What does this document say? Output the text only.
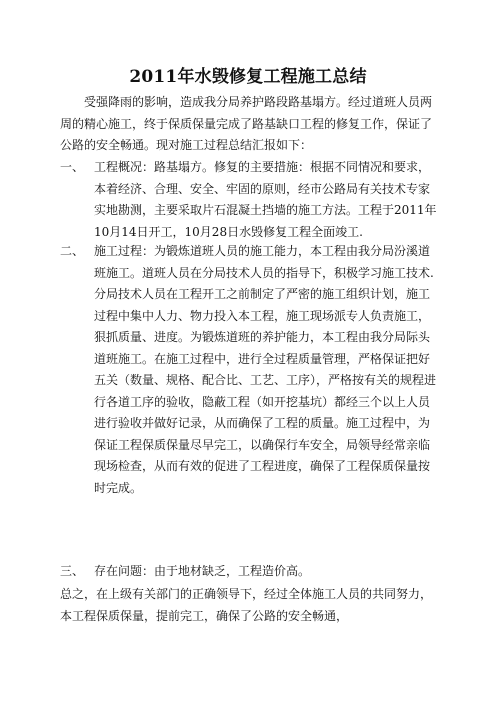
2011年水毁修复工程施工总结

受强降雨的影响，造成我分局养护路段路基塌方。经过道班人员两周的精心施工，终于保质保量完成了路基缺口工程的修复工作，保证了公路的安全畅通。现对施工过程总结汇报如下：

一、 工程概况：路基塌方。修复的主要措施：根据不同情况和要求，本着经济、合理、安全、牢固的原则，经市公路局有关技术专家实地勘测，主要采取片石混凝土挡墙的施工方法。工程于2011年10月14日开工，10月28日水毁修复工程全面竣工.
二、 施工过程：为锻炼道班人员的施工能力，本工程由我分局汾溪道班施工。道班人员在分局技术人员的指导下，积极学习施工技术.分局技术人员在工程开工之前制定了严密的施工组织计划，施工过程中集中人力、物力投入本工程，施工现场派专人负责施工，狠抓质量、进度。为锻炼道班的养护能力，本工程由我分局际头道班施工。在施工过程中，进行全过程质量管理，严格保证把好五关（数量、规格、配合比、工艺、工序），严格按有关的规程进行各道工序的验收，隐蔽工程（如开挖基坑）都经三个以上人员进行验收并做好记录，从而确保了工程的质量。施工过程中，为保证工程保质保量尽早完工，以确保行车安全，局领导经常亲临现场检查，从而有效的促进了工程进度，确保了工程保质保量按时完成。
三、 存在问题：由于地材缺乏，工程造价高。

总之，在上级有关部门的正确领导下，经过全体施工人员的共同努力，本工程保质保量，提前完工，确保了公路的安全畅通，
